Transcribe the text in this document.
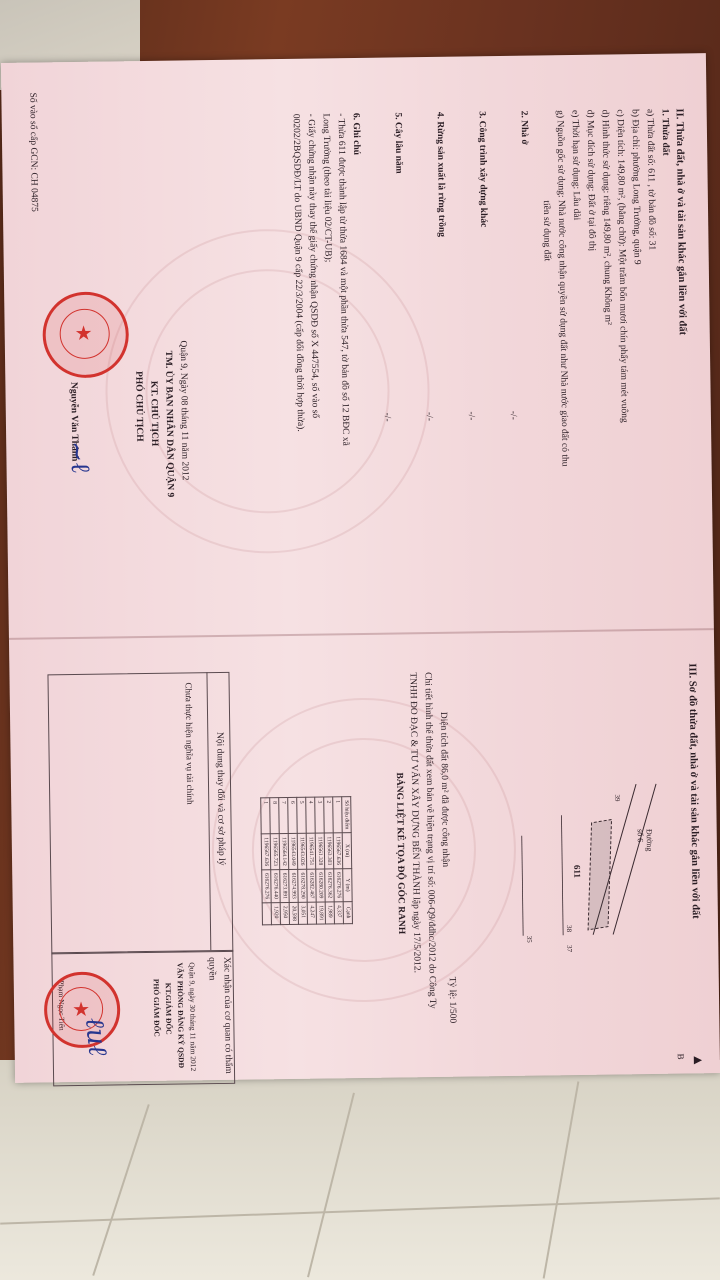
II. Thửa đất, nhà ở và tài sản khác gắn liền với đất
1. Thửa đất
a) Thửa đất số: 611 , tờ bản đồ số: 31
b) Địa chỉ: phường Long Trường, quận 9
c) Diện tích: 149,80 m², (bằng chữ): Một trăm bốn mươi chín phẩy tám mét vuông
d) Hình thức sử dụng: riêng 149,80 m², chung Không m²
đ) Mục đích sử dụng: Đất ở tại đô thị
e) Thời hạn sử dụng: Lâu dài
g) Nguồn gốc sử dụng: Nhà nước công nhận quyền sử dụng đất như Nhà nước giao đất có thu
tiền sử dụng đất
2. Nhà ở
-/-
3. Công trình xây dựng khác
-/-
4. Rừng sản xuất là rừng trồng
-/-
5. Cây lâu năm
-/-
6. Ghi chú
- Thửa 611 được thành lập từ thửa 1684 và một phần thửa 547, tờ bản đồ số 12 BĐC xã
Long Trường (theo tài liệu 02/CT-UB);
- Giấy chứng nhận này thay thế giấy chứng nhận QSDĐ số X 447554, số vào sổ
00202/2BQSDĐ/LT do UBND Quận 9 cấp 22/3/2004 (cấp đổi đồng thời hợp thửa).
Quận 9, Ngày 08 tháng 11 năm 2012
TM. ỦY BAN NHÂN DÂN QUẬN 9
KT. CHỦ TỊCH
PHÓ CHỦ TỊCH
Nguyễn Văn Thành
Số vào sổ cấp GCN: CH 04875
★
~ℓ
III. Sơ đồ thửa đất, nhà ở và tài sản khác gắn liền với đất
Đường số 6
611
39
38
37
35
▲ B
Tỷ lệ: 1/500
Diện tích đất 86,0 m² đã được công nhận
Chi tiết hình thể thửa đất xem bản vẽ hiện trạng vị trí số: 006-Q9/đdhc/2012 do Công Ty
TNHH ĐO ĐẠC & TƯ VẤN XÂY DỰNG BẾN THÀNH lập ngày 17/5/2012.
BẢNG LIỆT KÊ TỌA ĐỘ GÓC RANH
Số hiệu điểm	X (m)	Y (m)	Cạnh
1	1196567.636	616276.276	4,337
2	1196563.303	616276.362	1,989
3	1196561.328	616280.209	19,891
4	1196541.751	616282.467	4,247
5	1196543.026	616278.290	3,051
6	1196543.049	616274.993	20,598
7	1196564.142	616273.891	2,950
8	1196565.723	616276.440	1,920
1	1196567.636	616276.276	
Nội dung thay đổi và cơ sở pháp lý
Xác nhận của cơ quan có thẩm quyền
Chưa thực hiện nghĩa vụ tài chính
Quận 9, ngày 30 tháng 11 năm 2012
VĂN PHÒNG ĐĂNG KÝ QSDĐ
KT.GIÁM ĐỐC
PHÓ GIÁM ĐỐC
Phạm Ngọc Tiến ★
ℓuℓ
